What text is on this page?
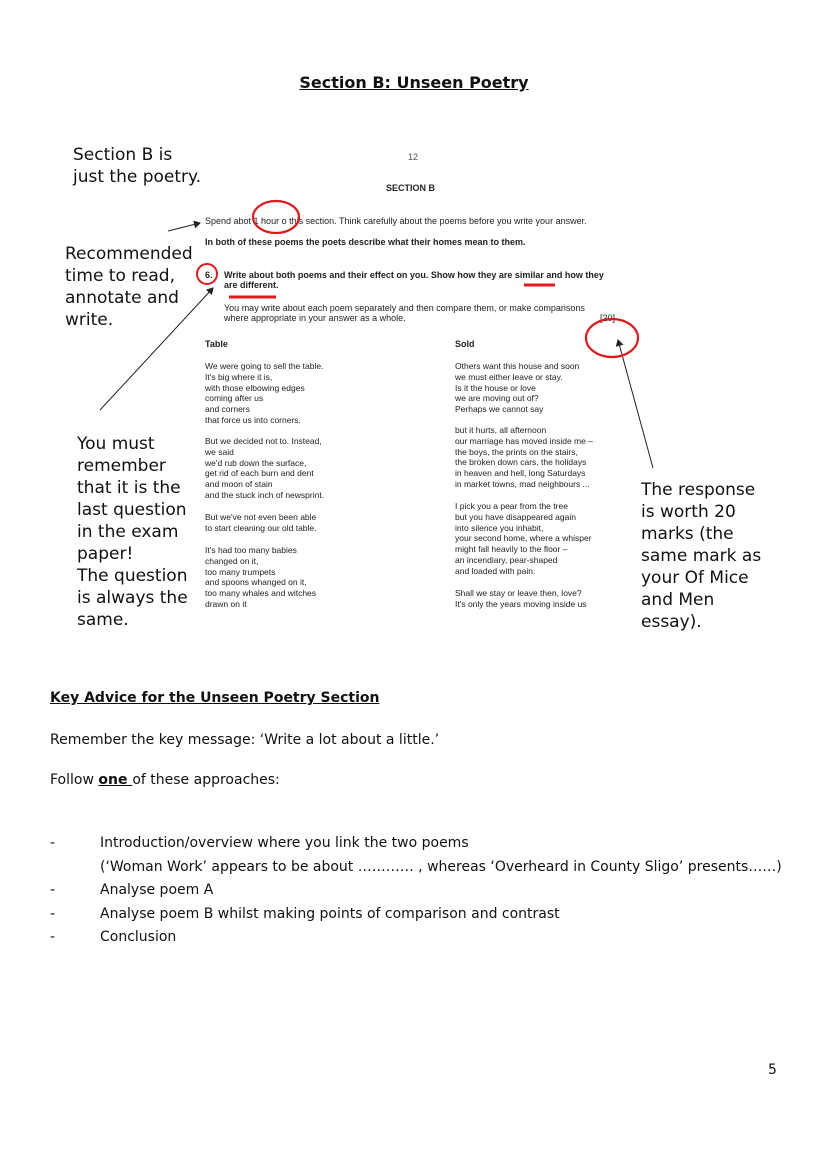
Section B: Unseen Poetry
12
SECTION B
Spend abot 1 hour o this section. Think carefully about the poems before you write your answer.
In both of these poems the poets describe what their homes mean to them.
6. Write about both poems and their effect on you. Show how they are similar and how they
are different.
You may write about each poem separately and then compare them, or make comparisons
where appropriate in your answer as a whole.	[20]
Table	Sold
We were going to sell the table.
It's big where it is,
with those elbowing edges
coming after us
and corners
that force us into corners.
But we decided not to. Instead,
we said
we'd rub down the surface,
get rid of each burn and dent
and moon of stain
and the stuck inch of newsprint.
But we've not even been able
to start cleaning our old table.
It's had too many babies
changed on it,
too many trumpets
and spoons whanged on it,
too many whales and witches
drawn on it
Others want this house and soon
we must either leave or stay.
Is it the house or love
we are moving out of?
Perhaps we cannot say
but it hurts, all afternoon
our marriage has moved inside me –
the boys, the prints on the stairs,
the broken down cars, the holidays
in heaven and hell, long Saturdays
in market towns, mad neighbours ...
I pick you a pear from the tree
but you have disappeared again
into silence you inhabit,
your second home, where a whisper
might fall heavily to the floor –
an incendiary, pear-shaped
and loaded with pain.
Shall we stay or leave then, love?
It's only the years moving inside us
Section B is
just the poetry.
Recommended
time to read,
annotate and
write.
You must
remember
that it is the
last question
in the exam
paper!
The question
is always the
same.
The response
is worth 20
marks (the
same mark as
your Of Mice
and Men
essay).
Key Advice for the Unseen Poetry Section
Remember the key message: ‘Write a lot about a little.’
Follow one of these approaches:
-	Introduction/overview where you link the two poems
(‘Woman Work’ appears to be about ………… , whereas ‘Overheard in County Sligo’ presents……)
-	Analyse poem A
-	Analyse poem B whilst making points of comparison and contrast
-	Conclusion
5
